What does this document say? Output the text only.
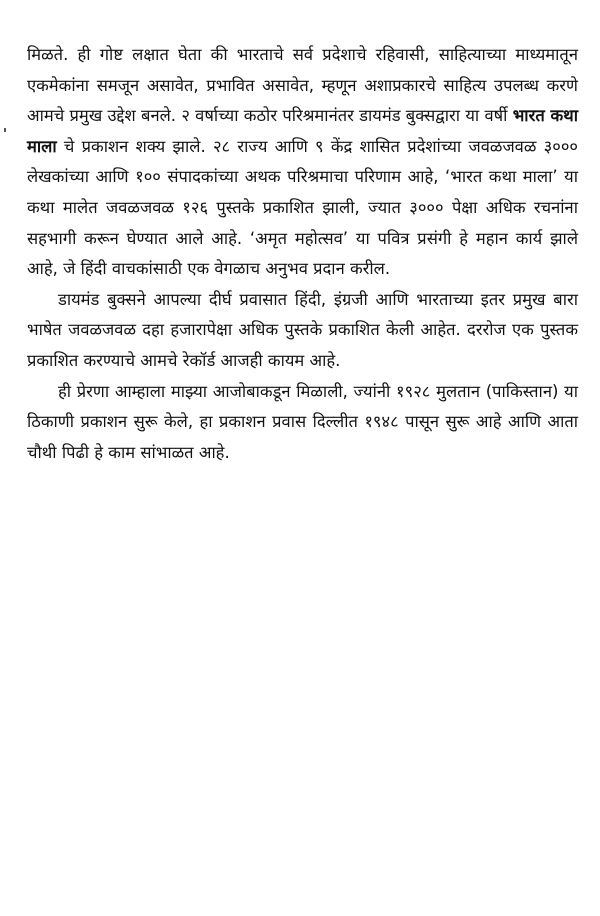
मिळते. ही गोष्ट लक्षात घेता की भारताचे सर्व प्रदेशाचे रहिवासी, साहित्याच्या माध्यमातून एकमेकांना समजून असावेत, प्रभावित असावेत, म्हणून अशाप्रकारचे साहित्य उपलब्ध करणे आमचे प्रमुख उद्देश बनले. २ वर्षाच्या कठोर परिश्रमानंतर डायमंड बुक्सद्वारा या वर्षी भारत कथा माला चे प्रकाशन शक्य झाले. २८ राज्य आणि ९ केंद्र शासित प्रदेशांच्या जवळजवळ ३००० लेखकांच्या आणि १०० संपादकांच्या अथक परिश्रमाचा परिणाम आहे, ‘भारत कथा माला’ या कथा मालेत जवळजवळ १२६ पुस्तके प्रकाशित झाली, ज्यात ३००० पेक्षा अधिक रचनांना सहभागी करून घेण्यात आले आहे. ‘अमृत महोत्सव’ या पवित्र प्रसंगी हे महान कार्य झाले आहे, जे हिंदी वाचकांसाठी एक वेगळाच अनुभव प्रदान करील.

डायमंड बुक्सने आपल्या दीर्घ प्रवासात हिंदी, इंग्रजी आणि भारताच्या इतर प्रमुख बारा भाषेत जवळजवळ दहा हजारापेक्षा अधिक पुस्तके प्रकाशित केली आहेत. दररोज एक पुस्तक प्रकाशित करण्याचे आमचे रेकॉर्ड आजही कायम आहे.

ही प्रेरणा आम्हाला माझ्या आजोबाकडून मिळाली, ज्यांनी १९२८ मुलतान (पाकिस्तान) या ठिकाणी प्रकाशन सुरू केले, हा प्रकाशन प्रवास दिल्लीत १९४८ पासून सुरू आहे आणि आता चौथी पिढी हे काम सांभाळत आहे.
